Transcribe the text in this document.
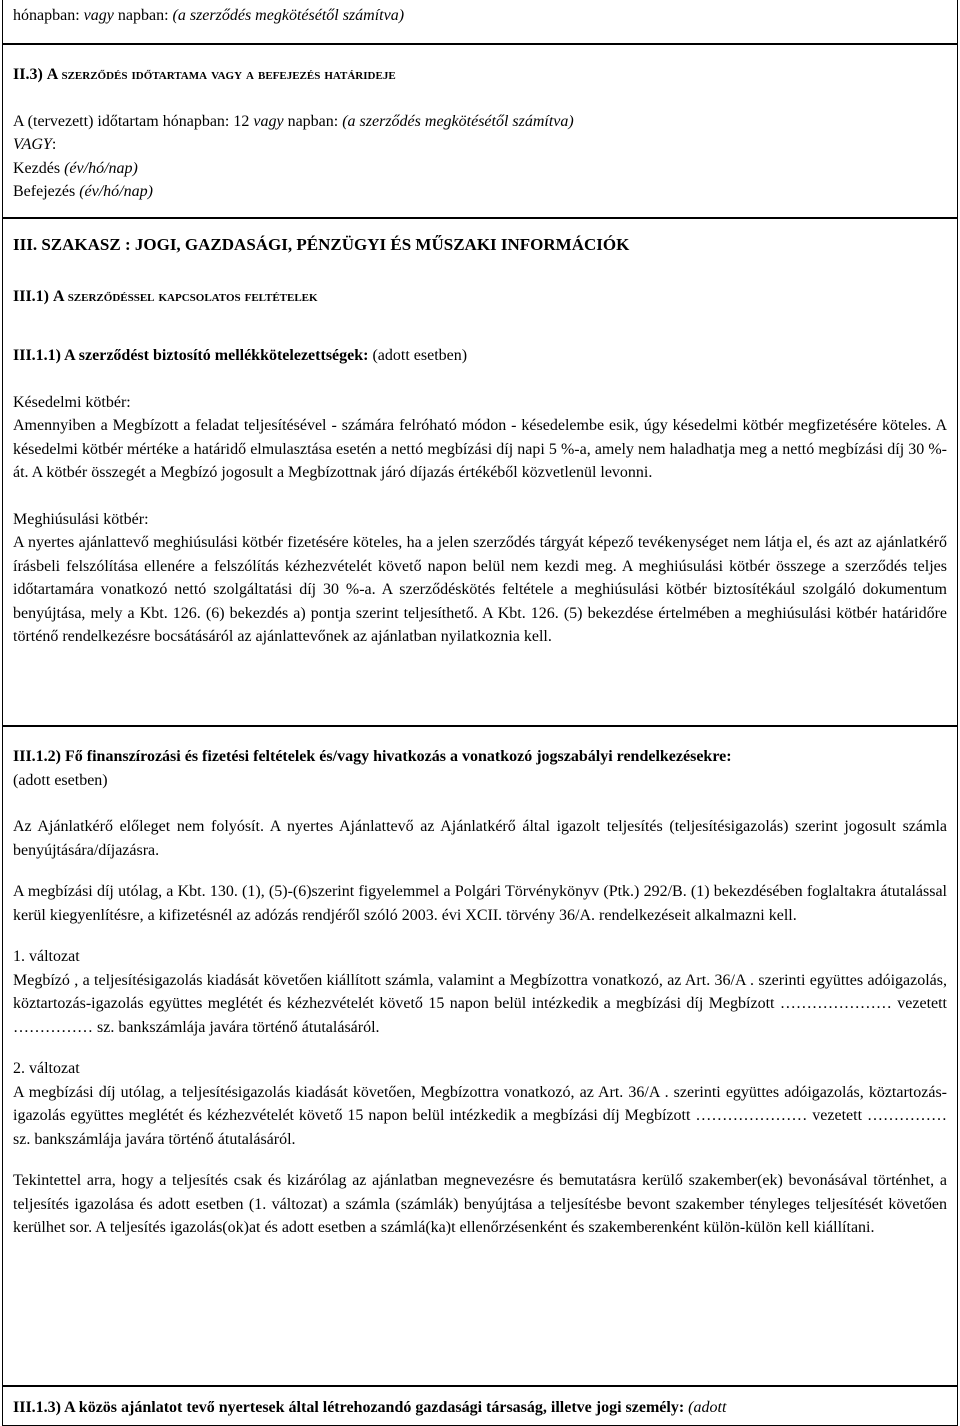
hónapban: vagy napban: (a szerződés megkötésétől számítva)

II.3) A szerződés időtartama vagy a befejezés határideje

A (tervezett) időtartam hónapban: 12 vagy napban: (a szerződés megkötésétől számítva)

VAGY:

Kezdés (év/hó/nap)

Befejezés (év/hó/nap)

III. SZAKASZ : JOGI, GAZDASÁGI, PÉNZÜGYI ÉS MŰSZAKI INFORMÁCIÓK

III.1) A szerződéssel kapcsolatos feltételek

III.1.1) A szerződést biztosító mellékkötelezettségek: (adott esetben)

Késedelmi kötbér:

Amennyiben a Megbízott a feladat teljesítésével - számára felróható módon - késedelembe esik, úgy késedelmi kötbér megfizetésére köteles. A késedelmi kötbér mértéke a határidő elmulasztása esetén a nettó megbízási díj napi 5 %-a, amely nem haladhatja meg a nettó megbízási díj 30 %-át. A kötbér összegét a Megbízó jogosult a Megbízottnak járó díjazás értékéből közvetlenül levonni.

Meghiúsulási kötbér:

A nyertes ajánlattevő meghiúsulási kötbér fizetésére köteles, ha a jelen szerződés tárgyát képező tevékenységet nem látja el, és azt az ajánlatkérő írásbeli felszólítása ellenére a felszólítás kézhezvételét követő napon belül nem kezdi meg. A meghiúsulási kötbér összege a szerződés teljes időtartamára vonatkozó nettó szolgáltatási díj 30 %-a. A szerződéskötés feltétele a meghiúsulási kötbér biztosítékául szolgáló dokumentum benyújtása, mely a Kbt. 126. (6) bekezdés a) pontja szerint teljesíthető. A Kbt. 126. (5) bekezdése értelmében a meghiúsulási kötbér határidőre történő rendelkezésre bocsátásáról az ajánlattevőnek az ajánlatban nyilatkoznia kell.

III.1.2) Fő finanszírozási és fizetési feltételek és/vagy hivatkozás a vonatkozó jogszabályi rendelkezésekre:

(adott esetben)

Az Ajánlatkérő előleget nem folyósít. A nyertes Ajánlattevő az Ajánlatkérő által igazolt teljesítés (teljesítésigazolás) szerint jogosult számla benyújtására/díjazásra.

A megbízási díj utólag, a Kbt. 130. (1), (5)-(6)szerint figyelemmel a Polgári Törvénykönyv (Ptk.) 292/B. (1) bekezdésében foglaltakra átutalással kerül kiegyenlítésre, a kifizetésnél az adózás rendjéről szóló 2003. évi XCII. törvény 36/A. rendelkezéseit alkalmazni kell.

1. változat

Megbízó , a teljesítésigazolás kiadását követően kiállított számla, valamint a Megbízottra vonatkozó, az Art. 36/A . szerinti együttes adóigazolás, köztartozás-igazolás együttes meglétét és kézhezvételét követő 15 napon belül intézkedik a megbízási díj Megbízott ………………… vezetett …………… sz. bankszámlája javára történő átutalásáról.

2. változat

A megbízási díj utólag, a teljesítésigazolás kiadását követően, Megbízottra vonatkozó, az Art. 36/A . szerinti együttes adóigazolás, köztartozás-igazolás együttes meglétét és kézhezvételét követő 15 napon belül intézkedik a megbízási díj Megbízott ………………… vezetett …………… sz. bankszámlája javára történő átutalásáról.

Tekintettel arra, hogy a teljesítés csak és kizárólag az ajánlatban megnevezésre és bemutatásra kerülő szakember(ek) bevonásával történhet, a teljesítés igazolása és adott esetben (1. változat) a számla (számlák) benyújtása a teljesítésbe bevont szakember tényleges teljesítését követően kerülhet sor. A teljesítés igazolás(ok)at és adott esetben a számlá(ka)t ellenőrzésenként és szakemberenként külön-külön kell kiállítani.

III.1.3) A közös ajánlatot tevő nyertesek által létrehozandó gazdasági társaság, illetve jogi személy: (adott
